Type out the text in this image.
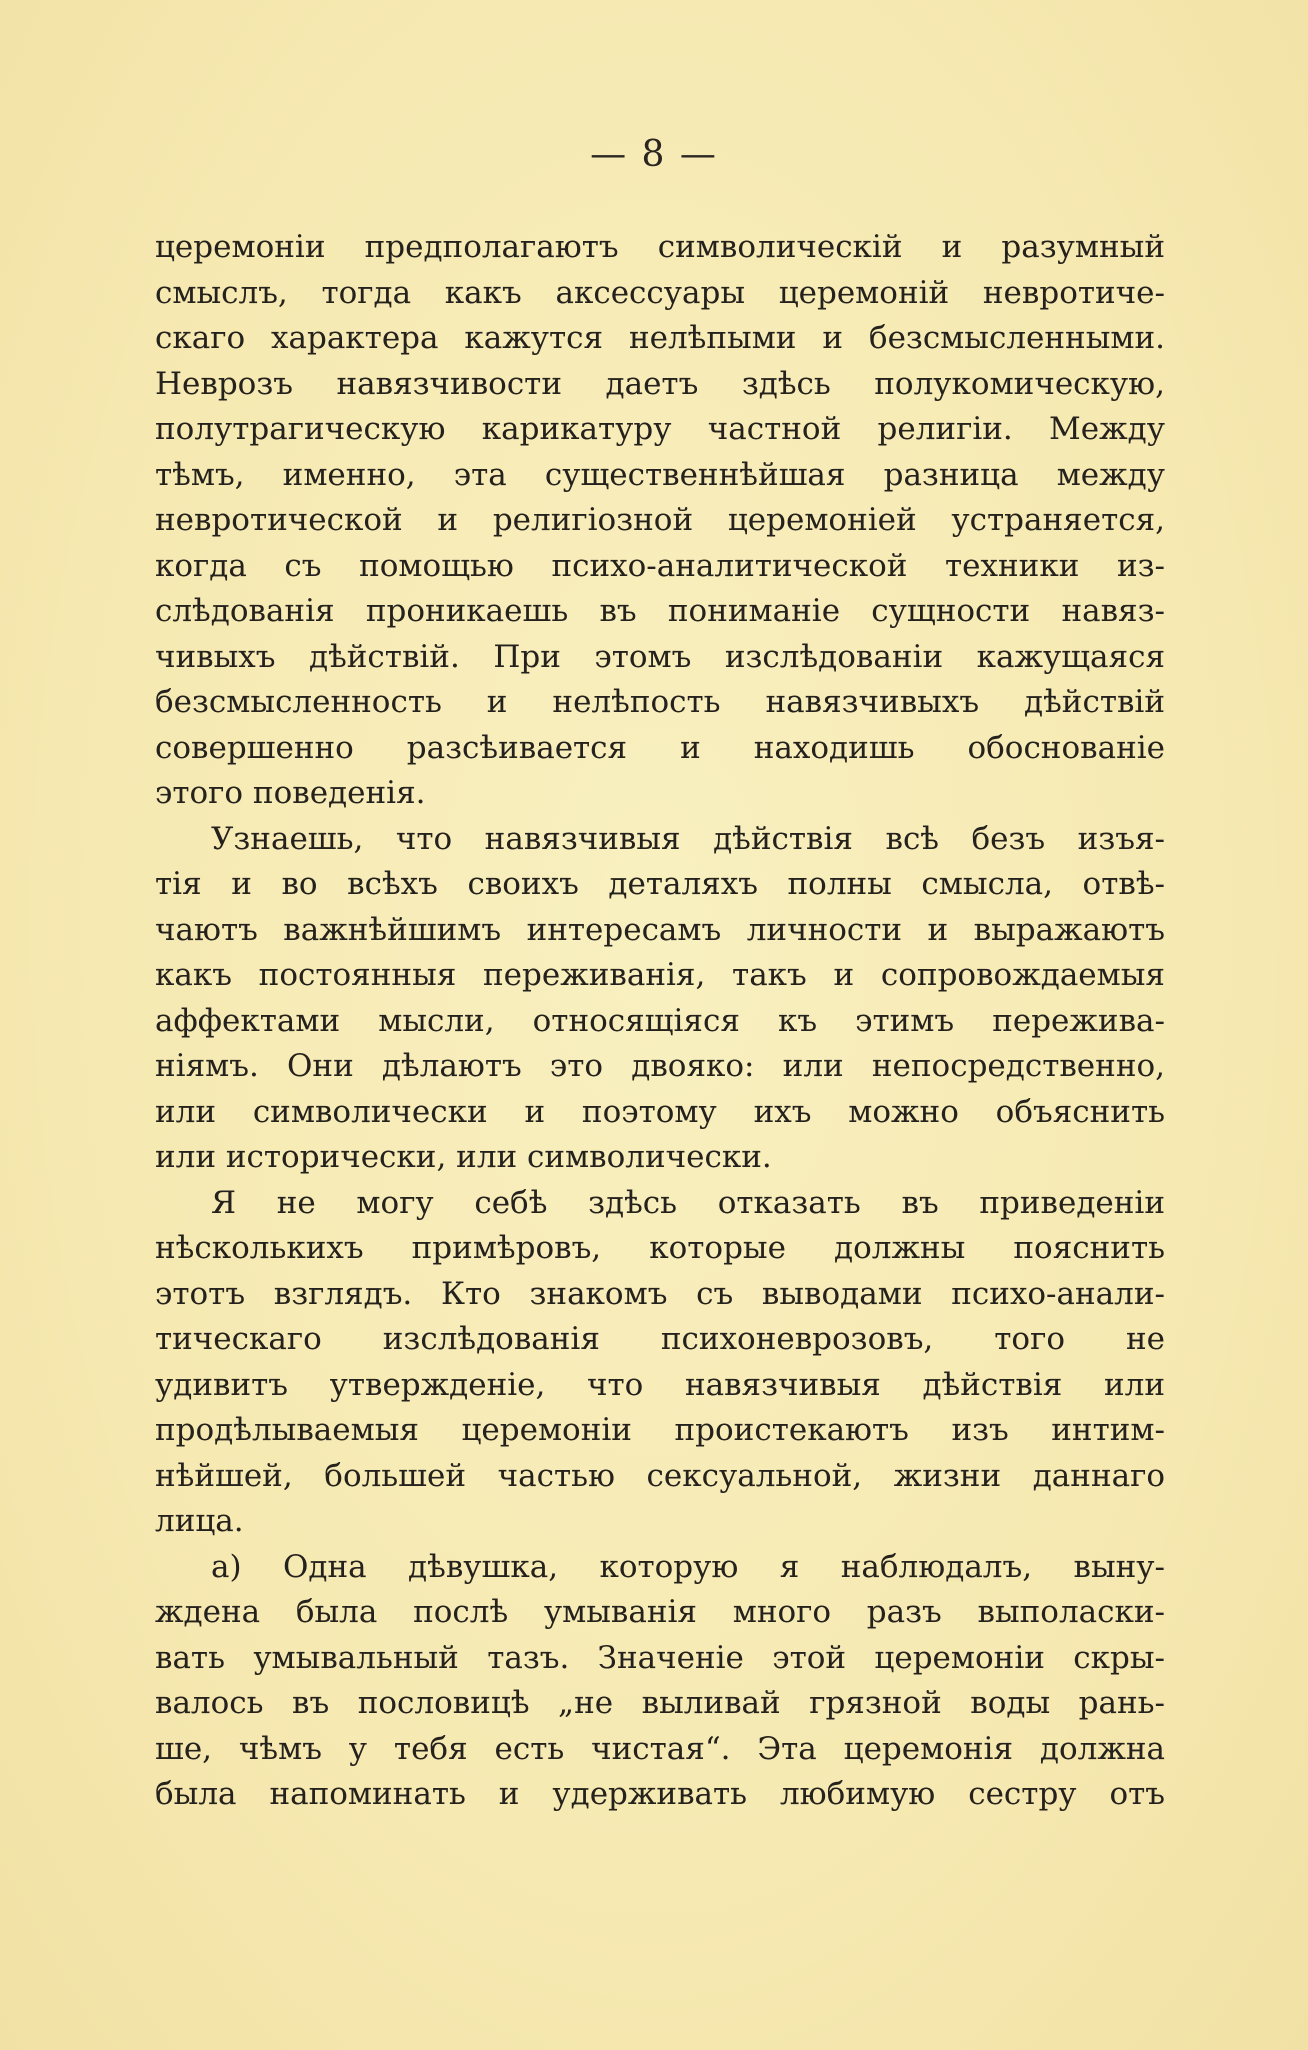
— 8 —
церемоніи предполагаютъ символическій и разумный
смыслъ, тогда какъ аксессуары церемоній невротиче-
скаго характера кажутся нелѣпыми и безсмысленными.
Неврозъ навязчивости даетъ здѣсь полукомическую,
полутрагическую карикатуру частной религіи. Между
тѣмъ, именно, эта существеннѣйшая разница между
невротической и религіозной церемоніей устраняется,
когда съ помощью психо-аналитической техники из-
слѣдованія проникаешь въ пониманіе сущности навяз-
чивыхъ дѣйствій. При этомъ изслѣдованіи кажущаяся
безсмысленность и нелѣпость навязчивыхъ дѣйствій
совершенно разсѣивается и находишь обоснованіе
этого поведенія.
Узнаешь, что навязчивыя дѣйствія всѣ безъ изъя-
тія и во всѣхъ своихъ деталяхъ полны смысла, отвѣ-
чаютъ важнѣйшимъ интересамъ личности и выражаютъ
какъ постоянныя переживанія, такъ и сопровождаемыя
аффектами мысли, относящіяся къ этимъ пережива-
ніямъ. Они дѣлаютъ это двояко: или непосредственно,
или символически и поэтому ихъ можно объяснить
или исторически, или символически.
Я не могу себѣ здѣсь отказать въ приведеніи
нѣсколькихъ примѣровъ, которые должны пояснить
этотъ взглядъ. Кто знакомъ съ выводами психо-анали-
тическаго изслѣдованія психоневрозовъ, того не
удивитъ утвержденіе, что навязчивыя дѣйствія или
продѣлываемыя церемоніи проистекаютъ изъ интим-
нѣйшей, большей частью сексуальной, жизни даннаго
лица.
а) Одна дѣвушка, которую я наблюдалъ, выну-
ждена была послѣ умыванія много разъ выполаски-
вать умывальный тазъ. Значеніе этой церемоніи скры-
валось въ пословицѣ „не выливай грязной воды рань-
ше, чѣмъ у тебя есть чистая“. Эта церемонія должна
была напоминать и удерживать любимую сестру отъ
